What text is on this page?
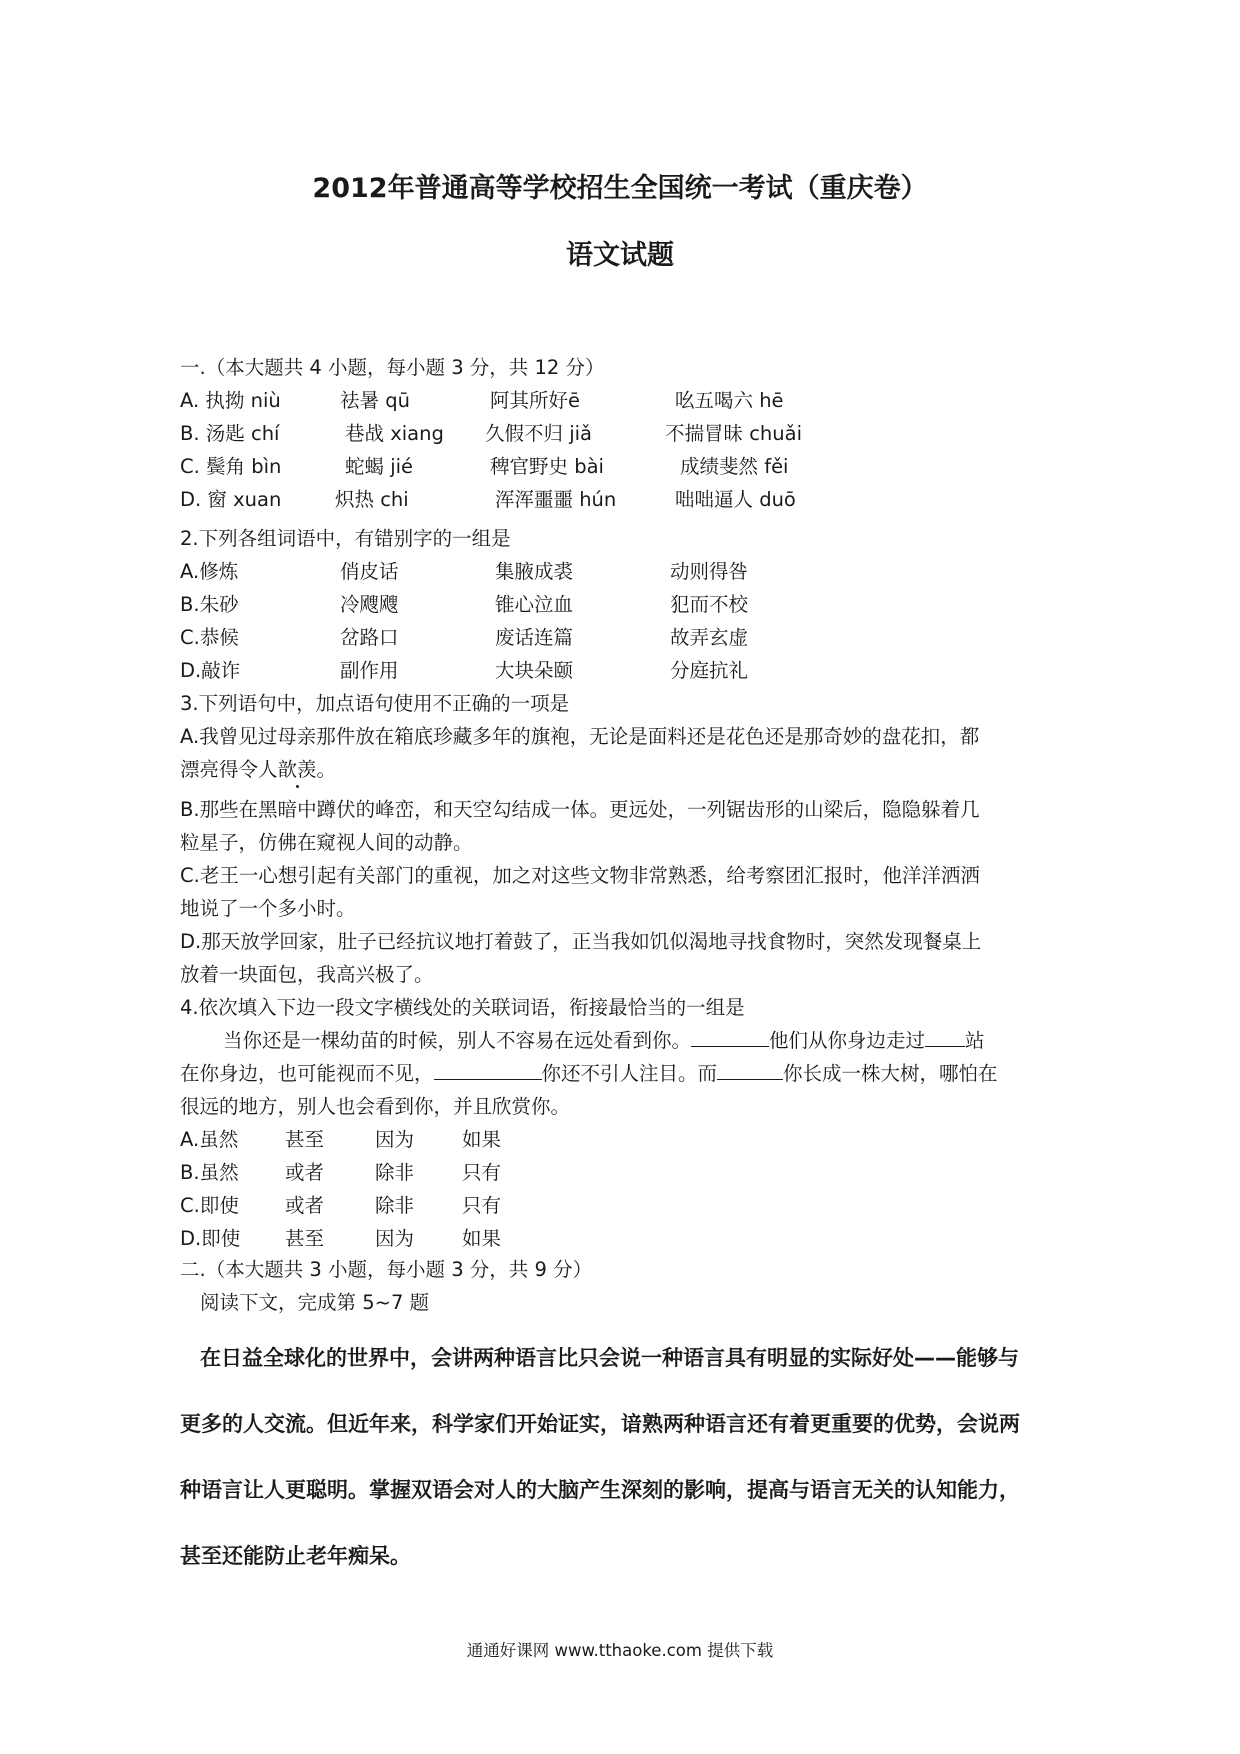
2012年普通高等学校招生全国统一考试（重庆卷）
语文试题
一.（本大题共 4 小题，每小题 3 分，共 12 分）
A. 执拗 niù	祛暑 qū	阿其所好ē	吆五喝六 hē
B. 汤匙 chí	巷战 xiang 久假不归 jiǎ	不揣冒昧 chuǎi
C. 鬓角 bìn	蛇蝎 jié	稗官野史 bài	成绩斐然 fěi
D. 窗 xuan	炽热 chi	浑浑噩噩 hún	咄咄逼人 duō
2.下列各组词语中，有错别字的一组是
A.修炼	俏皮话	集腋成裘	动则得咎
B.朱砂	冷飕飕	锥心泣血	犯而不校
C.恭候	岔路口	废话连篇	故弄玄虚
D.敲诈	副作用	大块朵颐	分庭抗礼
3.下列语句中，加点语句使用不正确的一项是
A.我曾见过母亲那件放在箱底珍藏多年的旗袍，无论是面料还是花色还是那奇妙的盘花扣，都
漂亮得令人歆羡。
B.那些在黑暗中蹲伏的峰峦，和天空勾结成一体。更远处，一列锯齿形的山梁后，隐隐躲着几
粒星子，仿佛在窥视人间的动静。
C.老王一心想引起有关部门的重视，加之对这些文物非常熟悉，给考察团汇报时，他洋洋洒洒
地说了一个多小时。
D.那天放学回家，肚子已经抗议地打着鼓了，正当我如饥似渴地寻找食物时，突然发现餐桌上
放着一块面包，我高兴极了。
4.依次填入下边一段文字横线处的关联词语，衔接最恰当的一组是
当你还是一棵幼苗的时候，别人不容易在远处看到你。	他们从你身边走过 站
在你身边，也可能视而不见，	你还不引人注目。而	你长成一株大树，哪怕在
很远的地方，别人也会看到你，并且欣赏你。
A.虽然 甚至	因为 如果
B.虽然 或者	除非 只有
C.即使 或者	除非 只有
D.即使 甚至	因为 如果
二.（本大题共 3 小题，每小题 3 分，共 9 分）
阅读下文，完成第 5~7 题
在日益全球化的世界中，会讲两种语言比只会说一种语言具有明显的实际好处——能够与
更多的人交流。但近年来，科学家们开始证实，谙熟两种语言还有着更重要的优势，会说两
种语言让人更聪明。掌握双语会对人的大脑产生深刻的影响，提高与语言无关的认知能力，
甚至还能防止老年痴呆。
通通好课网 www.tthaoke.com 提供下载
